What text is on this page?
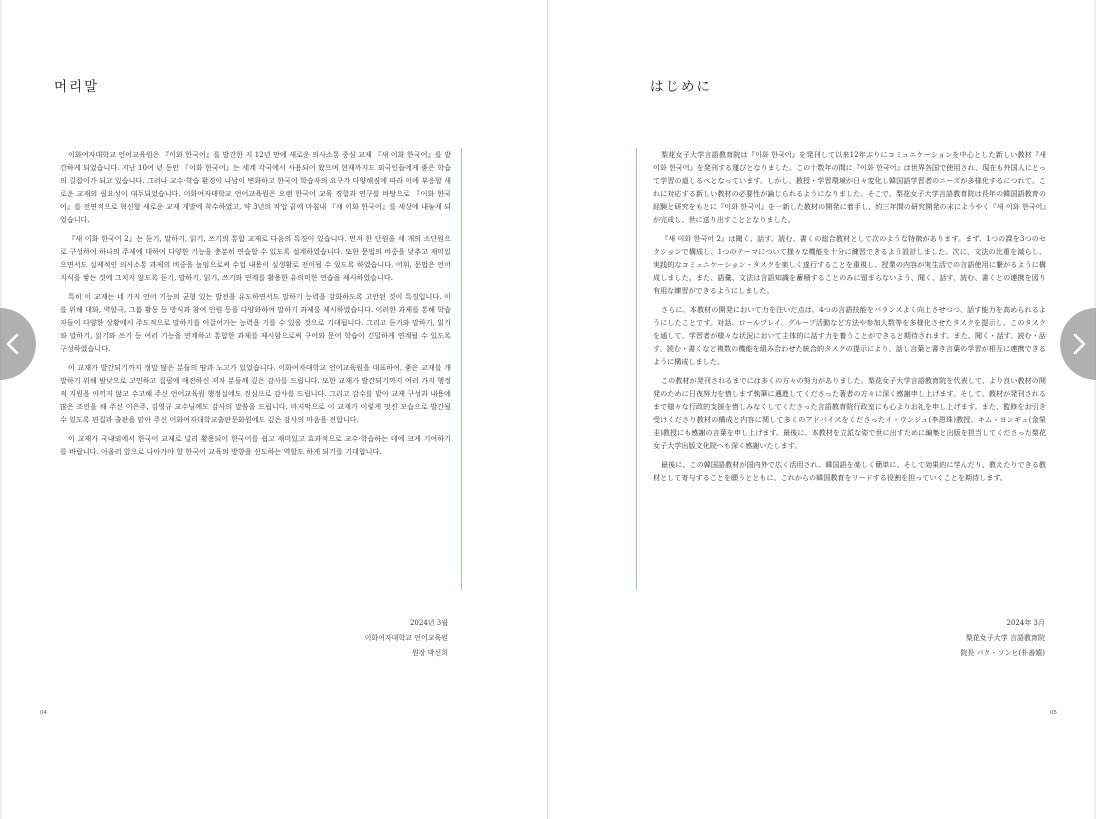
머리말

이화여자대학교 언어교육원은 『이화 한국어』를 발간한 지 12년 만에 새로운 의사소통 중심 교재 『새 이화 한국어』를 발간하게 되었습니다. 지난 10여 년 동안 『이화 한국어』는 세계 각국에서 사용되어 왔으며 현재까지도 외국인들에게 좋은 학습의 길잡이가 되고 있습니다. 그러나 교수·학습 환경이 나날이 변화하고 한국어 학습자의 요구가 다양해짐에 따라 이에 부응할 새로운 교재의 필요성이 대두되었습니다. 이화여자대학교 언어교육원은 오랜 한국어 교육 경험과 연구를 바탕으로 『이화 한국어』를 전면적으로 혁신할 새로운 교재 개발에 착수하였고, 약 3년의 작업 끝에 마침내 『새 이화 한국어』를 세상에 내놓게 되었습니다.

『새 이화 한국어 2』는 듣기, 말하기, 읽기, 쓰기의 통합 교재로 다음의 특징이 있습니다. 먼저 한 단원을 세 개의 소단원으로 구성하여 하나의 주제에 대하여 다양한 기능을 충분히 연습할 수 있도록 설계하였습니다. 또한 문법의 비중을 낮추고 재미있으면서도 실제적인 의사소통 과제의 비중을 높임으로써 수업 내용이 실생활로 전이될 수 있도록 하였습니다. 어휘, 문법은 언어 지식을 쌓는 것에 그치지 않도록 듣기, 말하기, 읽기, 쓰기와 연계를 활용한 유의미한 연습을 제시하였습니다.

특히 이 교재는 네 가지 언어 기능의 균형 있는 발전을 유도하면서도 말하기 능력을 강화하도록 고안된 것이 특징입니다. 이를 위해 대화, 역할극, 그룹 활동 등 방식과 참여 인원 등을 다양화하여 말하기 과제를 제시하였습니다. 이러한 과제를 통해 학습자들이 다양한 상황에서 주도적으로 말하기를 이끌어가는 능력을 기를 수 있을 것으로 기대됩니다. 그리고 듣기와 말하기, 읽기와 말하기, 읽기와 쓰기 등 여러 기능을 연계하고 통합한 과제를 제시함으로써 구어와 문어 학습이 긴밀하게 연계될 수 있도록 구성하였습니다.

이 교재가 발간되기까지 정말 많은 분들의 땀과 노고가 있었습니다. 이화여자대학교 언어교육원을 대표하여, 좋은 교재를 개발하기 위해 밤낮으로 고민하고 집필에 매진하신 저자 분들께 깊은 감사를 드립니다. 또한 교재가 발간되기까지 여러 가지 행정적 지원을 아끼지 않고 수고해 주신 언어교육원 행정실에도 진심으로 감사를 드립니다. 그리고 감수를 맡아 교재 구성과 내용에 많은 조언을 해 주신 이은주, 김영규 교수님께도 감사의 말씀을 드립니다. 마지막으로 이 교재가 이렇게 멋진 모습으로 발간될 수 있도록 편집과 출판을 맡아 주신 이화여자대학교출판문화원에도 깊은 감사의 마음을 전합니다.

이 교재가 국내외에서 한국어 교재로 널리 활용되어 한국어를 쉽고 재미있고 효과적으로 교수·학습하는 데에 크게 기여하기를 바랍니다. 아울러 앞으로 나아가야 할 한국어 교육의 방향을 선도하는 역할도 하게 되기를 기대합니다.

2024년 3월
이화여자대학교 언어교육원
원장 박선희
04
はじめに

梨花女子大学言語教育院は『이화 한국어』を発刊して以来12年ぶりにコミュニケーションを中心とした新しい教材『새 이화 한국어』を発刊する運びとなりました。この十数年の間に『이화 한국어』は世界各国で使用され、現在も外国人にとって学習の道しるべとなっています。しかし、教授・学習環境が日々変化し韓国語学習者のニーズが多様化するにつれて、これに対応する新しい教材の必要性が論じられるようになりました。そこで、梨花女子大学言語教育院は長年の韓国語教育の経験と研究をもとに『이화 한국어』を一新した教材の開発に着手し、約三年間の研究開発の末にようやく『새 이화 한국어』が完成し、世に送り出すこととなりました。

『새 이화 한국어 2』は聞く、話す、読む、書くの総合教材として次のような特徴があります。まず、1つの課を3つのセクションで構成し、1つのテーマについて様々な機能を十分に練習できるよう設計しました。次に、文法の比重を減らし、実践的なコミュニケーション・タスクを楽しく遂行することを重視し、授業の内容が実生活での言語使用に繋がるように構成しました。また、語彙、文法は言語知識を蓄積することのみに留まらないよう、聞く、話す、読む、書くとの連携を図り有用な練習ができるようにしました。

さらに、本教材の開発において力を注いだ点は、4つの言語技能をバランスよく向上させつつ、話す能力を高められるようにしたことです。対話、ロールプレイ、グループ活動など方法や参加人数等を多様化させたタスクを提示し、このタスクを通して、学習者が様々な状況において主体的に話す力を養うことができると期待されます。また、聞く・話す、読む・話す、読む・書くなど複数の機能を組み合わせた統合的タスクの提示により、話し言葉と書き言葉の学習が相互に連携できるように構成しました。

この教材が発刊されるまでには多くの方々の努力がありました。梨花女子大学言語教育院を代表して、より良い教材の開発のために日夜努力を惜しまず執筆に邁進してくださった著者の方々に深く感謝申し上げます。そして、教材が発刊されるまで様々な行政的支援を惜しみなくしてくださった言語教育院行政室にも心よりお礼を申し上げます。また、監修をお引き受けくださり教材の構成と内容に関して多くのアドバイスをくださったイ・ウンジュ(李恩珠)教授、キム・ヨンギュ(金榮圭)教授にも感謝の言葉を申し上げます。最後に、本教材を立派な姿で世に出すために編集と出版を担当してくださった梨花女子大学出版文化院へも深く感謝いたします。

最後に、この韓国語教材が国内外で広く活用され、韓国語を楽しく簡単に、そして効果的に学んだり、教えたりできる教材として寄与することを願うとともに、これからの韓国教育をリードする役割を担っていくことを期待します。

2024年 3月
梨花女子大学 言語教育院
院長 パク・ソンヒ(朴善嬉)
05
